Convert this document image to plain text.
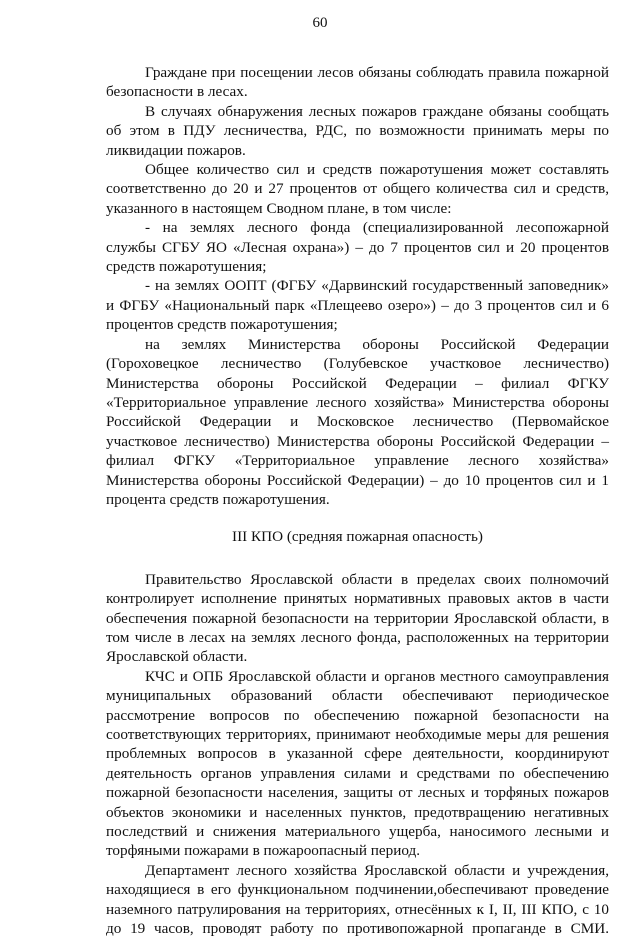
60

Граждане при посещении лесов обязаны соблюдать правила пожарной безопасности в лесах.

В случаях обнаружения лесных пожаров граждане обязаны сообщать об этом в ПДУ лесничества, РДС, по возможности принимать меры по ликвидации пожаров.

Общее количество сил и средств пожаротушения может составлять соответственно до 20 и 27 процентов от общего количества сил и средств, указанного в настоящем Сводном плане, в том числе:

- на землях лесного фонда (специализированной лесопожарной службы СГБУ ЯО «Лесная охрана») – до 7 процентов сил и 20 процентов средств пожаротушения;

- на землях ООПТ (ФГБУ «Дарвинский государственный заповедник» и ФГБУ «Национальный парк «Плещеево озеро») – до 3 процентов сил и 6 процентов средств пожаротушения;

на землях Министерства обороны Российской Федерации (Гороховецкое лесничество (Голубевское участковое лесничество) Министерства обороны Российской Федерации – филиал ФГКУ «Территориальное управление лесного хозяйства» Министерства обороны Российской Федерации и Московское лесничество (Первомайское участковое лесничество) Министерства обороны Российской Федерации – филиал ФГКУ «Территориальное управление лесного хозяйства» Министерства обороны Российской Федерации) – до 10 процентов сил и 1 процента средств пожаротушения.

III КПО (средняя пожарная опасность)

Правительство Ярославской области в пределах своих полномочий контролирует исполнение принятых нормативных правовых актов в части обеспечения пожарной безопасности на территории Ярославской области, в том числе в лесах на землях лесного фонда, расположенных на территории Ярославской области.

КЧС и ОПБ Ярославской области и органов местного самоуправления муниципальных образований области обеспечивают периодическое рассмотрение вопросов по обеспечению пожарной безопасности на соответствующих территориях, принимают необходимые меры для решения проблемных вопросов в указанной сфере деятельности, координируют деятельность органов управления силами и средствами по обеспечению пожарной безопасности населения, защиты от лесных и торфяных пожаров объектов экономики и населенных пунктов, предотвращению негативных последствий и снижения материального ущерба, наносимого лесными и торфяными пожарами в пожароопасный период.

Департамент лесного хозяйства Ярославской области и учреждения, находящиеся в его функциональном подчинении,обеспечивают проведение наземного патрулирования на территориях, отнесённых к I, II, III КПО, с 10 до 19 часов, проводят работу по противопожарной пропаганде в СМИ.
